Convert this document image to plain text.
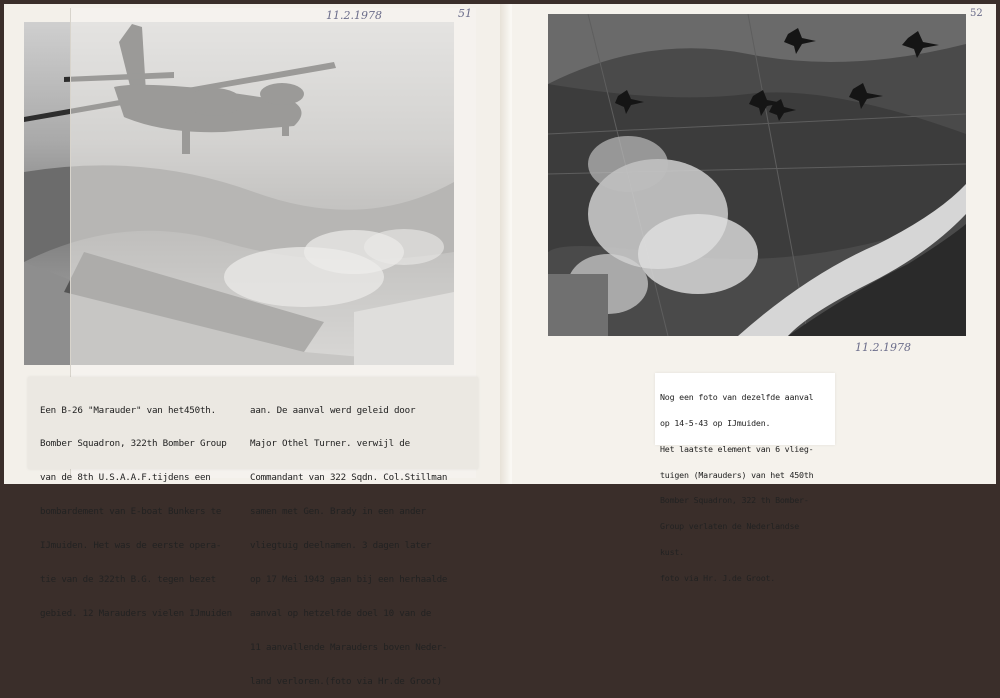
11.2.1978	51

Een B-26 "Marauder" van het450th.

Bomber Squadron, 322th Bomber Group

van de 8th U.S.A.A.F.tijdens een

bombardement van E-boat Bunkers te

IJmuiden. Het was de eerste opera-

tie van de 322th B.G. tegen bezet

gebied. 12 Marauders vielen IJmuiden

aan. De aanval werd geleid door

Major Othel Turner. verwijl de

Commandant van 322 Sqdn. Col.Stillman

samen met Gen. Brady in een ander

vliegtuig deelnamen. 3 dagen later

op 17 Mei 1943 gaan bij een herhaalde

aanval op hetzelfde doel 10 van de

11 aanvallende Marauders boven Neder-

land verloren.(foto via Hr.de Groot)

52
11.2.1978

Nog een foto van dezelfde aanval

op 14-5-43 op IJmuiden.

Het laatste element van 6 vlieg-

tuigen (Marauders) van het 450th

Bomber Squadron, 322 th Bomber-

Group verlaten de Nederlandse

kust.

foto via Hr. J.de Groot.
